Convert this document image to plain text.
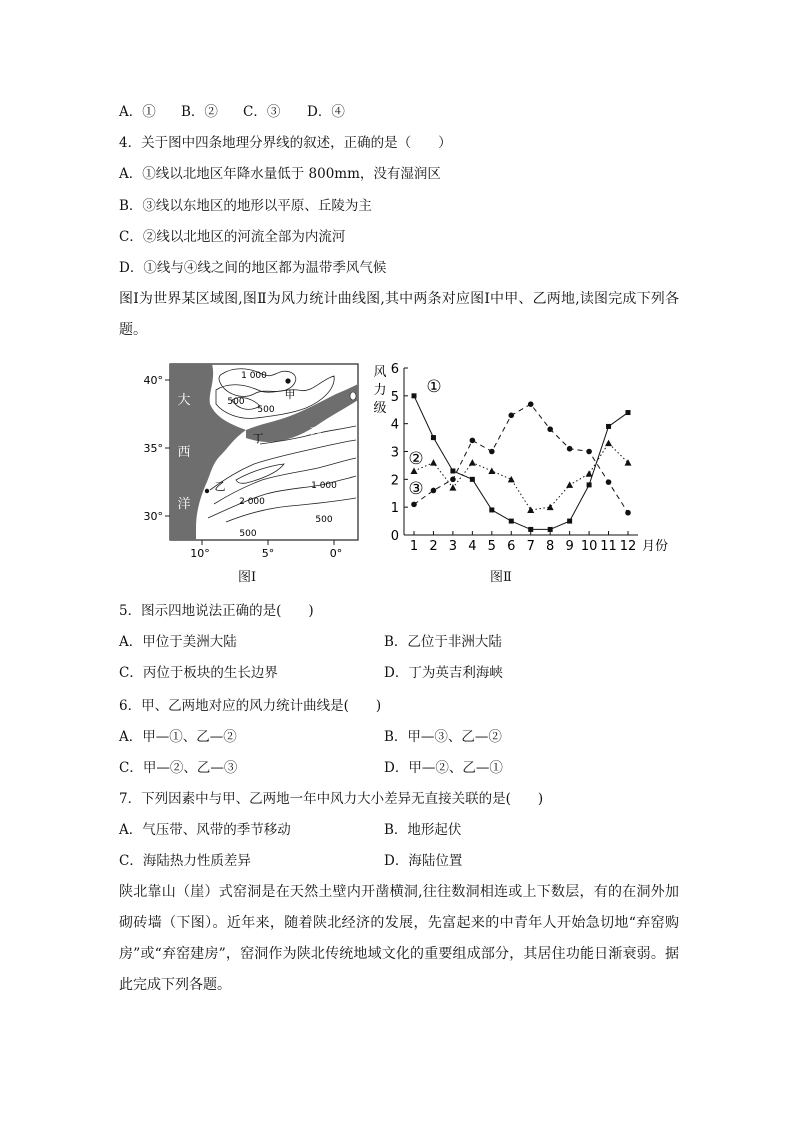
A．① B．② C．③ D．④
4．关于图中四条地理分界线的叙述，正确的是（　　）
A．①线以北地区年降水量低于 800mm，没有湿润区
B．③线以东地区的地形以平原、丘陵为主
C．②线以北地区的河流全部为内流河
D．①线与④线之间的地区都为温带季风气候
图Ⅰ为世界某区域图,图Ⅱ为风力统计曲线图,其中两条对应图Ⅰ中甲、乙两地,读图完成下列各题。
40°
35°
30°
10°	5°	0°
大
西
洋
甲
乙
丙
丁
1 000
500
500
2 000
1 000
500
500
图Ⅰ
0
1
2
3
4
5
6
1 2 3 4 5 6 7 8 9 10 11 12 月份
①
②
③
风
力
级
图Ⅱ
5．图示四地说法正确的是(　　)
A．甲位于美洲大陆	B．乙位于非洲大陆
C．丙位于板块的生长边界	D．丁为英吉利海峡
6．甲、乙两地对应的风力统计曲线是(　　)
A．甲—①、乙—②	B．甲—③、乙—②
C．甲—②、乙—③	D．甲—②、乙—①
7．下列因素中与甲、乙两地一年中风力大小差异无直接关联的是(　　)
A．气压带、风带的季节移动	B．地形起伏
C．海陆热力性质差异	D．海陆位置
陕北靠山（崖）式窑洞是在天然土壁内开凿横洞,往往数洞相连或上下数层，有的在洞外加砌砖墙（下图）。近年来，随着陕北经济的发展，先富起来的中青年人开始急切地“弃窑购房”或“弃窑建房”，窑洞作为陕北传统地域文化的重要组成部分，其居住功能日渐衰弱。据此完成下列各题。
